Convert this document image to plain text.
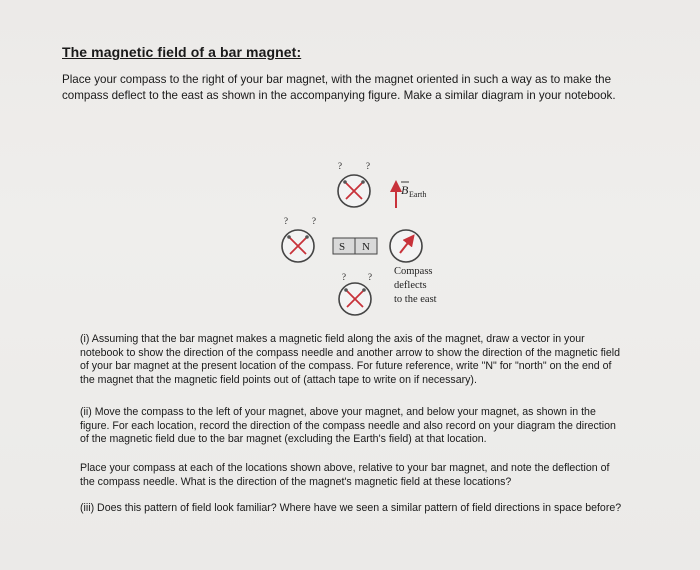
The magnetic field of a bar magnet:
Place your compass to the right of your bar magnet, with the magnet oriented in such a way as to make the compass deflect to the east as shown in the accompanying figure. Make a similar diagram in your notebook.
?	?
B Earth
?	?
S N
Compass
deflects
to the east
? ?
(i) Assuming that the bar magnet makes a magnetic field along the axis of the magnet, draw a vector in your notebook to show the direction of the compass needle and another arrow to show the direction of the magnetic field of your bar magnet at the present location of the compass. For future reference, write "N" for "north" on the end of the magnet that the magnetic field points out of (attach tape to write on if necessary).
(ii) Move the compass to the left of your magnet, above your magnet, and below your magnet, as shown in the figure. For each location, record the direction of the compass needle and also record on your diagram the direction of the magnetic field due to the bar magnet (excluding the Earth's field) at that location.
Place your compass at each of the locations shown above, relative to your bar magnet, and note the deflection of the compass needle. What is the direction of the magnet's magnetic field at these locations?
(iii) Does this pattern of field look familiar? Where have we seen a similar pattern of field directions in space before?
